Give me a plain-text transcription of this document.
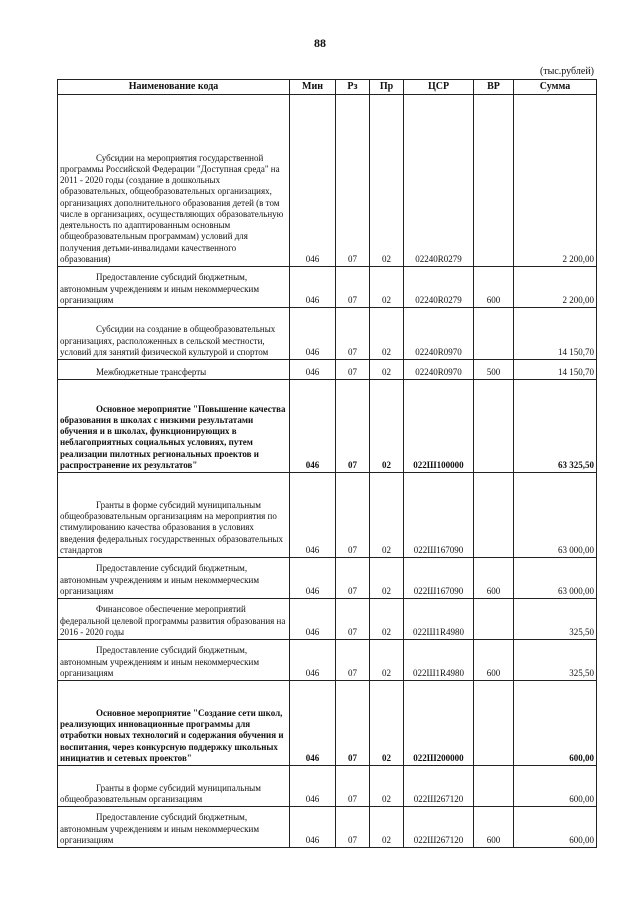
88
(тыс.рублей)
Наименование кода	Мин	Рз	Пр	ЦСР	ВР	Сумма

Субсидии на мероприятия государственной программы Российской Федерации "Доступная среда" на 2011 - 2020 годы (создание в дошкольных образовательных, общеобразовательных организациях, организациях дополнительного образования детей (в том числе в организациях, осуществляющих образовательную деятельность по адаптированным основным общеобразовательным программам) условий для получения детьми-инвалидами качественного образования)	046	07	02	02240R0279		2 200,00

Предоставление субсидий бюджетным, автономным учреждениям и иным некоммерческим организациям	046	07	02	02240R0279	600	2 200,00

Субсидии на создание в общеобразовательных организациях, расположенных в сельской местности, условий для занятий физической культурой и спортом	046	07	02	02240R0970		14 150,70

Межбюджетные трансферты	046	07	02	02240R0970	500	14 150,70

Основное мероприятие "Повышение качества образования в школах с низкими результатами обучения и в школах, функционирующих в неблагоприятных социальных условиях, путем реализации пилотных региональных проектов и распространение их результатов"	046	07	02	022Ш100000		63 325,50

Гранты в форме субсидий муниципальным общеобразовательным организациям на мероприятия по стимулированию качества образования в условиях введения федеральных государственных образовательных стандартов	046	07	02	022Ш167090		63 000,00

Предоставление субсидий бюджетным, автономным учреждениям и иным некоммерческим организациям	046	07	02	022Ш167090	600	63 000,00

Финансовое обеспечение мероприятий федеральной целевой программы развития образования на 2016 - 2020 годы	046	07	02	022Ш1R4980		325,50

Предоставление субсидий бюджетным, автономным учреждениям и иным некоммерческим организациям	046	07	02	022Ш1R4980	600	325,50

Основное мероприятие "Создание сети школ, реализующих инновационные программы для отработки новых технологий и содержания обучения и воспитания, через конкурсную поддержку школьных инициатив и сетевых проектов"	046	07	02	022Ш200000		600,00

Гранты в форме субсидий муниципальным общеобразовательным организациям	046	07	02	022Ш267120		600,00

Предоставление субсидий бюджетным, автономным учреждениям и иным некоммерческим организациям	046	07	02	022Ш267120	600	600,00
